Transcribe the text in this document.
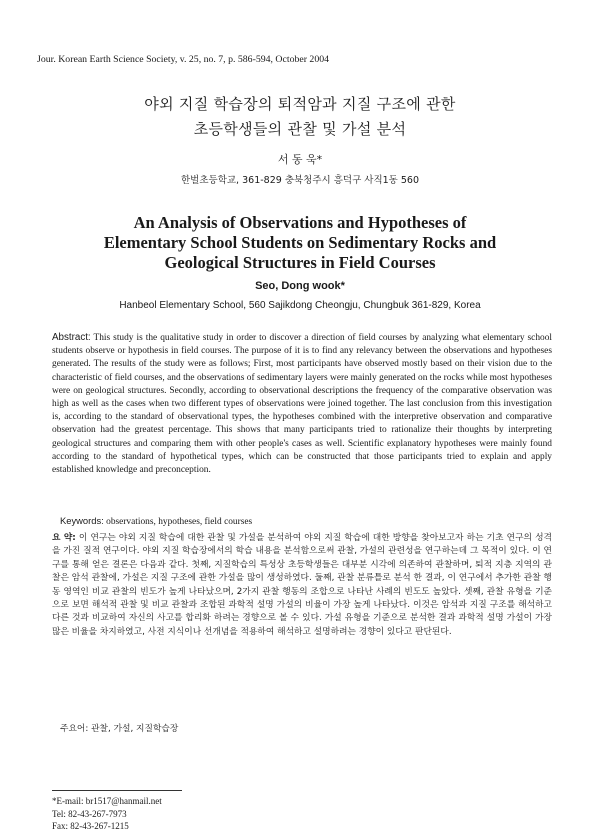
Jour. Korean Earth Science Society, v. 25, no. 7, p. 586-594, October 2004
야외 지질 학습장의 퇴적암과 지질 구조에 관한
초등학생들의 관찰 및 가설 분석
서 동 욱*
한벌초등학교, 361-829 충북청주시 흥덕구 사직1동 560
An Analysis of Observations and Hypotheses of
Elementary School Students on Sedimentary Rocks and
Geological Structures in Field Courses
Seo, Dong wook*
Hanbeol Elementary School, 560 Sajikdong Cheongju, Chungbuk 361-829, Korea
Abstract: This study is the qualitative study in order to discover a direction of field courses by analyzing what elementary school students observe or hypothesis in field courses. The purpose of it is to find any relevancy between the observations and hypotheses generated. The results of the study were as follows; First, most participants have observed mostly based on their vision due to the characteristic of field courses, and the observations of sedimentary layers were mainly generated on the rocks while most hypotheses were on geological structures. Secondly, according to observational descriptions the frequency of the comparative observation was high as well as the cases when two different types of observations were joined together. The last conclusion from this investigation is, according to the standard of observational types, the hypotheses combined with the interpretive observation and comparative observation had the greatest percentage. This shows that many participants tried to rationalize their thoughts by interpreting geological structures and comparing them with other people's cases as well. Scientific explanatory hypotheses were mainly found according to the standard of hypothetical types, which can be constructed that those participants tried to explain and apply established knowledge and preconception.
Keywords: observations, hypotheses, field courses
요 약: 이 연구는 야외 지질 학습에 대한 관찰 및 가설을 분석하여 야외 지질 학습에 대한 방향을 찾아보고자 하는 기초 연구의 성격을 가진 질적 연구이다. 야외 지질 학습장에서의 학습 내용을 분석함으로써 관찰, 가설의 관련성을 연구하는데 그 목적이 있다. 이 연구를 통해 얻은 결론은 다음과 같다. 첫째, 지질학습의 특성상 초등학생들은 대부분 시각에 의존하여 관찰하며, 퇴적 지층 지역의 관찰은 암석 관찰에, 가설은 지질 구조에 관한 가설을 많이 생성하였다. 둘째, 관찰 분류틀로 분석 한 결과, 이 연구에서 추가한 관찰 행동 영역인 비교 관찰의 빈도가 높게 나타났으며, 2가지 관찰 행동의 조합으로 나타난 사례의 빈도도 높았다. 셋째, 관찰 유형을 기준으로 보면 해석적 관찰 및 비교 관찰과 조합된 과학적 설명 가설의 비율이 가장 높게 나타났다. 이것은 암석과 지질 구조를 해석하고 다른 것과 비교하여 자신의 사고를 합리화 하려는 경향으로 볼 수 있다. 가설 유형을 기준으로 분석한 결과 과학적 설명 가설이 가장 많은 비율을 차지하였고, 사전 지식이나 선개념을 적용하여 해석하고 설명하려는 경향이 있다고 판단된다.
주요어: 관찰, 가설, 지질학습장
*E-mail: br1517@hanmail.net
Tel: 82-43-267-7973
Fax: 82-43-267-1215
